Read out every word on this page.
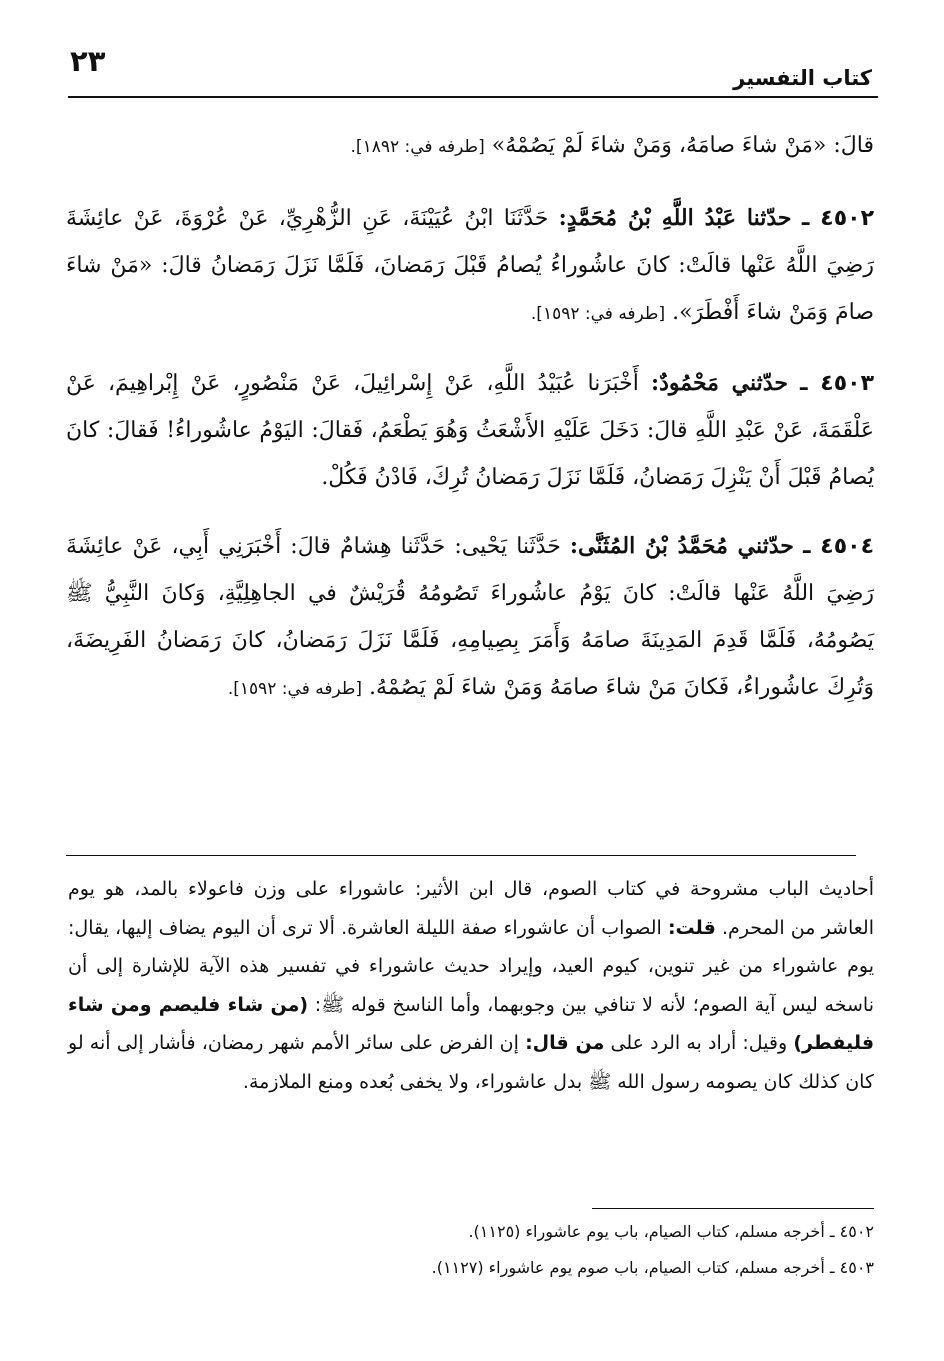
٢٣	كتاب التفسير

قالَ: «مَنْ شاءَ صامَهُ، وَمَنْ شاءَ لَمْ يَصُمْهُ» [طرفه في: ١٨٩٢].

٤٥٠٢ ـ حدّثنا عَبْدُ اللَّهِ بْنُ مُحَمَّدٍ: حَدَّثَنَا ابْنُ عُيَيْنَةَ، عَنِ الزُّهْرِيِّ، عَنْ عُرْوَةَ، عَنْ عائِشَةَ رَضِيَ اللَّهُ عَنْها قالَتْ: كانَ عاشُوراءُ يُصامُ قَبْلَ رَمَضانَ، فَلَمَّا نَزَلَ رَمَضانُ قالَ: «مَنْ شاءَ صامَ وَمَنْ شاءَ أَفْطَرَ». [طرفه في: ١٥٩٢].

٤٥٠٣ ـ حدّثني مَحْمُودٌ: أَخْبَرَنا عُبَيْدُ اللَّهِ، عَنْ إِسْرائِيلَ، عَنْ مَنْصُورٍ، عَنْ إِبْراهِيمَ، عَنْ عَلْقَمَةَ، عَنْ عَبْدِ اللَّهِ قالَ: دَخَلَ عَلَيْهِ الأَشْعَثُ وَهُوَ يَطْعَمُ، فَقالَ: اليَوْمُ عاشُوراءُ! فَقالَ: كانَ يُصامُ قَبْلَ أَنْ يَنْزِلَ رَمَضانُ، فَلَمَّا نَزَلَ رَمَضانُ تُرِكَ، فَادْنُ فَكُلْ.

٤٥٠٤ ـ حدّثني مُحَمَّدُ بْنُ المُثَنَّى: حَدَّثَنا يَحْيى: حَدَّثَنا هِشامٌ قالَ: أَخْبَرَنِي أَبِي، عَنْ عائِشَةَ رَضِيَ اللَّهُ عَنْها قالَتْ: كانَ يَوْمُ عاشُوراءَ تَصُومُهُ قُرَيْشٌ في الجاهِلِيَّةِ، وَكانَ النَّبِيُّ ﷺ يَصُومُهُ، فَلَمَّا قَدِمَ المَدِينَةَ صامَهُ وَأَمَرَ بِصِيامِهِ، فَلَمَّا نَزَلَ رَمَضانُ، كانَ رَمَضانُ الفَرِيضَةَ، وَتُرِكَ عاشُوراءُ، فَكانَ مَنْ شاءَ صامَهُ وَمَنْ شاءَ لَمْ يَصُمْهُ. [طرفه في: ١٥٩٢].

أحاديث الباب مشروحة في كتاب الصوم، قال ابن الأثير: عاشوراء على وزن فاعولاء بالمد، هو يوم العاشر من المحرم. قلت: الصواب أن عاشوراء صفة الليلة العاشرة. ألا ترى أن اليوم يضاف إليها، يقال: يوم عاشوراء من غير تنوين، كيوم العيد، وإيراد حديث عاشوراء في تفسير هذه الآية للإشارة إلى أن ناسخه ليس آية الصوم؛ لأنه لا تنافي بين وجوبهما، وأما الناسخ قوله ﷺ: (من شاء فليصم ومن شاء فليفطر) وقيل: أراد به الرد على من قال: إن الفرض على سائر الأمم شهر رمضان، فأشار إلى أنه لو كان كذلك كان يصومه رسول الله ﷺ بدل عاشوراء، ولا يخفى بُعده ومنع الملازمة.

٤٥٠٢ ـ أخرجه مسلم، كتاب الصيام، باب يوم عاشوراء (١١٢٥).

٤٥٠٣ ـ أخرجه مسلم، كتاب الصيام، باب صوم يوم عاشوراء (١١٢٧).
